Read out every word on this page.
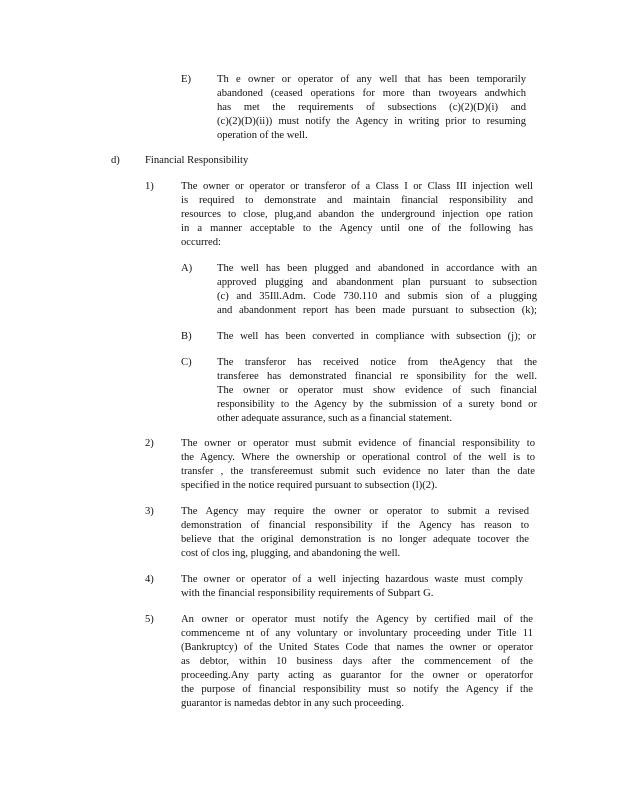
E) Th e owner or operator of any well that has been temporarily
abandoned (ceased operations for more than twoyears andwhich
has met the requirements of subsections (c)(2)(D)(i) and
(c)(2)(D)(ii)) must notify the Agency in writing prior to resuming
operation of the well.
d) Financial Responsibility
1)	The owner or operator or transferor of a Class I or Class III injection well
is required to demonstrate and maintain financial responsibility and
resources to close, plug,and abandon the underground injection ope ration
in a manner acceptable to the Agency until one of the following has
occurred:
A) The well has been plugged and abandoned in accordance with an
approved plugging and abandonment plan pursuant to subsection
(c) and 35Ill.Adm. Code 730.110 and submis sion of a plugging
and abandonment report has been made pursuant to subsection (k);
B) The well has been converted in compliance with subsection (j); or
C) The transferor has received notice from theAgency that the
transferee has demonstrated financial re sponsibility for the well.
The owner or operator must show evidence of such financial
responsibility to the Agency by the submission of a surety bond or
other adequate assurance, such as a financial statement.
2)	The owner or operator must submit evidence of financial responsibility to
the Agency. Where the ownership or operational control of the well is to
transfer , the transfereemust submit such evidence no later than the date
specified in the notice required pursuant to subsection (l)(2).
3)	The Agency may require the owner or operator to submit a revised
demonstration of financial responsibility if the Agency has reason to
believe that the original demonstration is no longer adequate tocover the
cost of clos ing, plugging, and abandoning the well.
4)	The owner or operator of a well injecting hazardous waste must comply
with the financial responsibility requirements of Subpart G.
5)	An owner or operator must notify the Agency by certified mail of the
commenceme nt of any voluntary or involuntary proceeding under Title 11
(Bankruptcy) of the United States Code that names the owner or operator
as debtor, within 10 business days after the commencement of the
proceeding.Any party acting as guarantor for the owner or operatorfor
the purpose of financial responsibility must so notify the Agency if the
guarantor is namedas debtor in any such proceeding.
